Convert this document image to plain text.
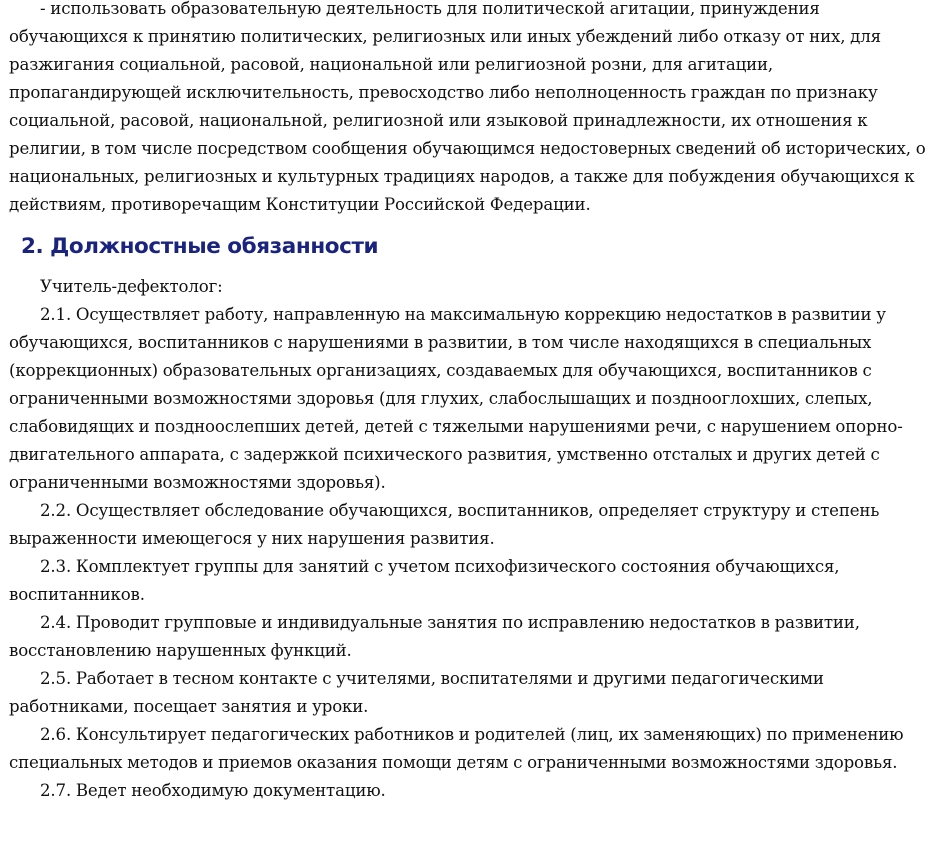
- использовать образовательную деятельность для политической агитации, принуждения обучающихся к принятию политических, религиозных или иных убеждений либо отказу от них, для разжигания социальной, расовой, национальной или религиозной розни, для агитации, пропагандирующей исключительность, превосходство либо неполноценность граждан по признаку социальной, расовой, национальной, религиозной или языковой принадлежности, их отношения к религии, в том числе посредством сообщения обучающимся недостоверных сведений об исторических, о национальных, религиозных и культурных традициях народов, а также для побуждения обучающихся к действиям, противоречащим Конституции Российской Федерации.

2. Должностные обязанности

Учитель-дефектолог:

2.1. Осуществляет работу, направленную на максимальную коррекцию недостатков в развитии у обучающихся, воспитанников с нарушениями в развитии, в том числе находящихся в специальных (коррекционных) образовательных организациях, создаваемых для обучающихся, воспитанников с ограниченными возможностями здоровья (для глухих, слабослышащих и позднооглохших, слепых, слабовидящих и поздноослепших детей, детей с тяжелыми нарушениями речи, с нарушением опорно-двигательного аппарата, с задержкой психического развития, умственно отсталых и других детей с ограниченными возможностями здоровья).

2.2. Осуществляет обследование обучающихся, воспитанников, определяет структуру и степень выраженности имеющегося у них нарушения развития.

2.3. Комплектует группы для занятий с учетом психофизического состояния обучающихся, воспитанников.

2.4. Проводит групповые и индивидуальные занятия по исправлению недостатков в развитии, восстановлению нарушенных функций.

2.5. Работает в тесном контакте с учителями, воспитателями и другими педагогическими работниками, посещает занятия и уроки.

2.6. Консультирует педагогических работников и родителей (лиц, их заменяющих) по применению специальных методов и приемов оказания помощи детям с ограниченными возможностями здоровья.

2.7. Ведет необходимую документацию.
